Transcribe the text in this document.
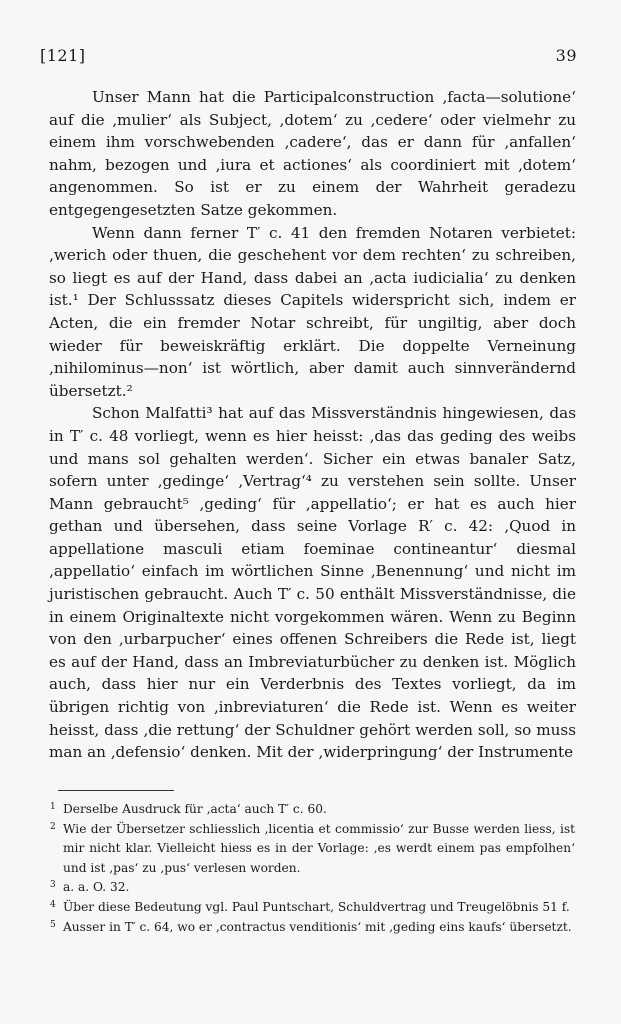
[121]	39

Unser Mann hat die Participalconstruction ‚facta—solutione‘ auf die ‚mulier‘ als Subject, ‚dotem‘ zu ‚cedere‘ oder vielmehr zu einem ihm vorschwebenden ‚cadere‘, das er dann für ‚anfallen‘ nahm, bezogen und ‚iura et actiones‘ als coordiniert mit ‚dotem‘ angenommen. So ist er zu einem der Wahrheit geradezu entgegengesetzten Satze gekommen.

Wenn dann ferner T′ c. 41 den fremden Notaren verbietet: ‚werich oder thuen, die geschehent vor dem rechten‘ zu schreiben, so liegt es auf der Hand, dass dabei an ‚acta iudicialia‘ zu denken ist.¹ Der Schlusssatz dieses Capitels widerspricht sich, indem er Acten, die ein fremder Notar schreibt, für ungiltig, aber doch wieder für beweiskräftig erklärt. Die doppelte Verneinung ‚nihilominus—non‘ ist wörtlich, aber damit auch sinnverändernd übersetzt.²

Schon Malfatti³ hat auf das Missverständnis hingewiesen, das in T′ c. 48 vorliegt, wenn es hier heisst: ‚das das geding des weibs und mans sol gehalten werden‘. Sicher ein etwas banaler Satz, sofern unter ‚gedinge‘ ‚Vertrag‘⁴ zu verstehen sein sollte. Unser Mann gebraucht⁵ ‚geding‘ für ‚appellatio‘; er hat es auch hier gethan und übersehen, dass seine Vorlage R′ c. 42: ‚Quod in appellatione masculi etiam foeminae contineantur‘ diesmal ‚appellatio‘ einfach im wörtlichen Sinne ‚Benennung‘ und nicht im juristischen gebraucht. Auch T′ c. 50 enthält Missverständnisse, die in einem Originaltexte nicht vorgekommen wären. Wenn zu Beginn von den ‚urbarpucher‘ eines offenen Schreibers die Rede ist, liegt es auf der Hand, dass an Imbreviaturbücher zu denken ist. Möglich auch, dass hier nur ein Verderbnis des Textes vorliegt, da im übrigen richtig von ‚inbreviaturen‘ die Rede ist. Wenn es weiter heisst, dass ‚die rettung‘ der Schuldner gehört werden soll, so muss man an ‚defensio‘ denken. Mit der ‚widerpringung‘ der Instrumente

1 Derselbe Ausdruck für ‚acta‘ auch T′ c. 60.
2 Wie der Übersetzer schliesslich ‚licentia et commissio‘ zur Busse werden liess, ist mir nicht klar. Vielleicht hiess es in der Vorlage: ‚es werdt einem pas empfolhen‘ und ist ‚pas‘ zu ‚pus‘ verlesen worden.
3 a. a. O. 32.
4 Über diese Bedeutung vgl. Paul Puntschart, Schuldvertrag und Treugelöbnis 51 f.
5 Ausser in T′ c. 64, wo er ‚contractus venditionis‘ mit ‚geding eins kaufs‘ übersetzt.
